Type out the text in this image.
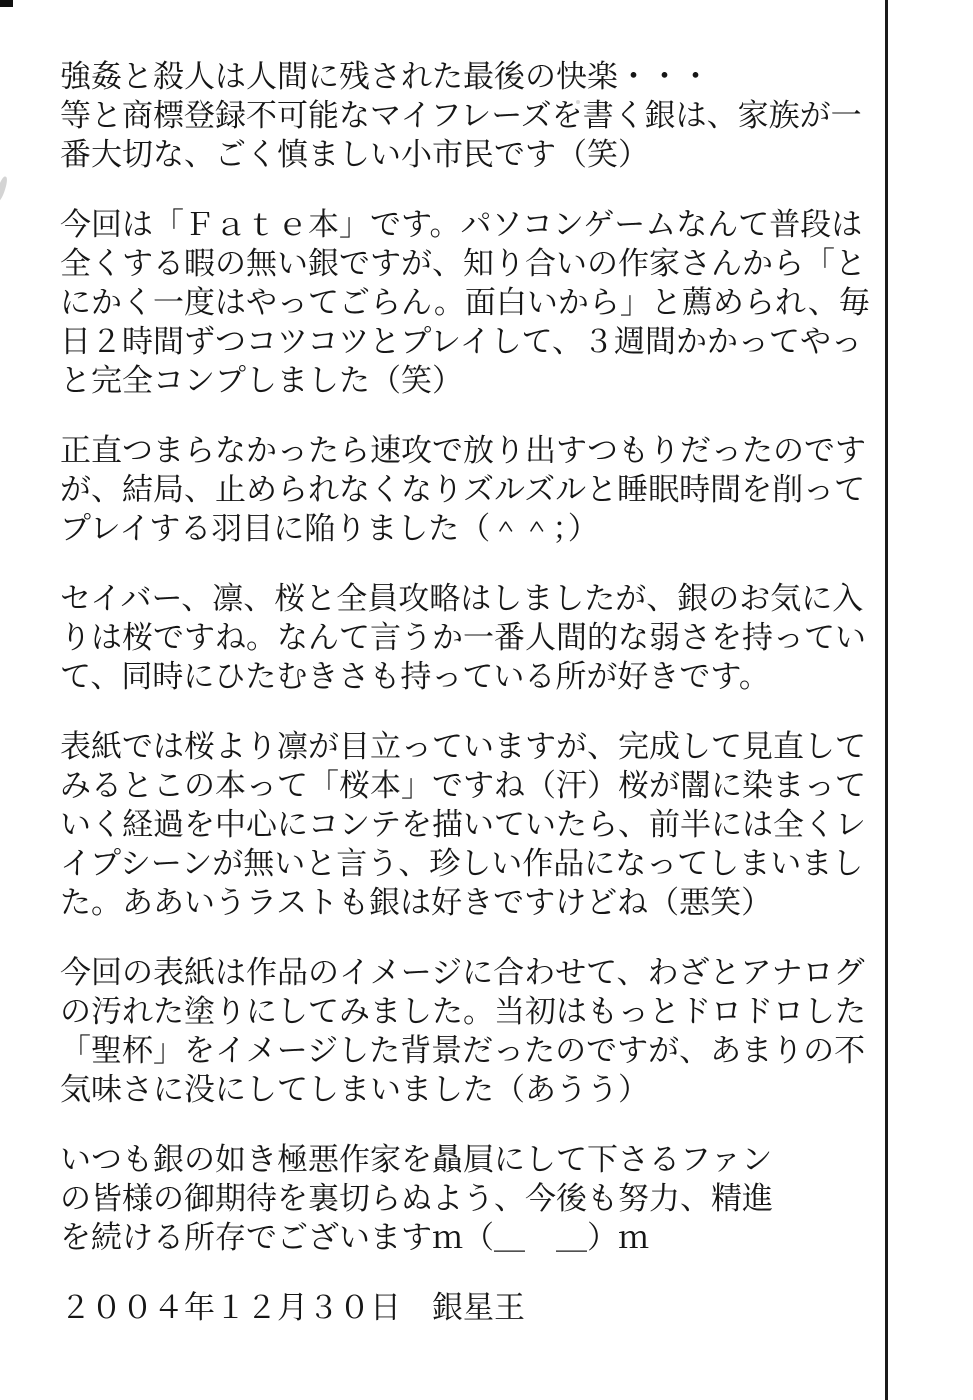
強姦と殺人は人間に残された最後の快楽・・・
等と商標登録不可能なマイフレーズを書く銀は、家族が一
番大切な、ごく慎ましい小市民です（笑）

今回は「Ｆａｔｅ本」です。パソコンゲームなんて普段は
全くする暇の無い銀ですが、知り合いの作家さんから「と
にかく一度はやってごらん。面白いから」と薦められ、毎
日２時間ずつコツコツとプレイして、３週間かかってやっ
と完全コンプしました（笑）

正直つまらなかったら速攻で放り出すつもりだったのです
が、結局、止められなくなりズルズルと睡眠時間を削って
プレイする羽目に陥りました（＾＾；）

セイバー、凛、桜と全員攻略はしましたが、銀のお気に入
りは桜ですね。なんて言うか一番人間的な弱さを持ってい
て、同時にひたむきさも持っている所が好きです。

表紙では桜より凛が目立っていますが、完成して見直して
みるとこの本って「桜本」ですね（汗）桜が闇に染まって
いく経過を中心にコンテを描いていたら、前半には全くレ
イプシーンが無いと言う、珍しい作品になってしまいまし
た。ああいうラストも銀は好きですけどね（悪笑）

今回の表紙は作品のイメージに合わせて、わざとアナログ
の汚れた塗りにしてみました。当初はもっとドロドロした
「聖杯」をイメージした背景だったのですが、あまりの不
気味さに没にしてしまいました（あうう）

いつも銀の如き極悪作家を贔屓にして下さるファン
の皆様の御期待を裏切らぬよう、今後も努力、精進
を続ける所存でございますｍ（＿　＿）ｍ

２００４年１２月３０日　銀星王
